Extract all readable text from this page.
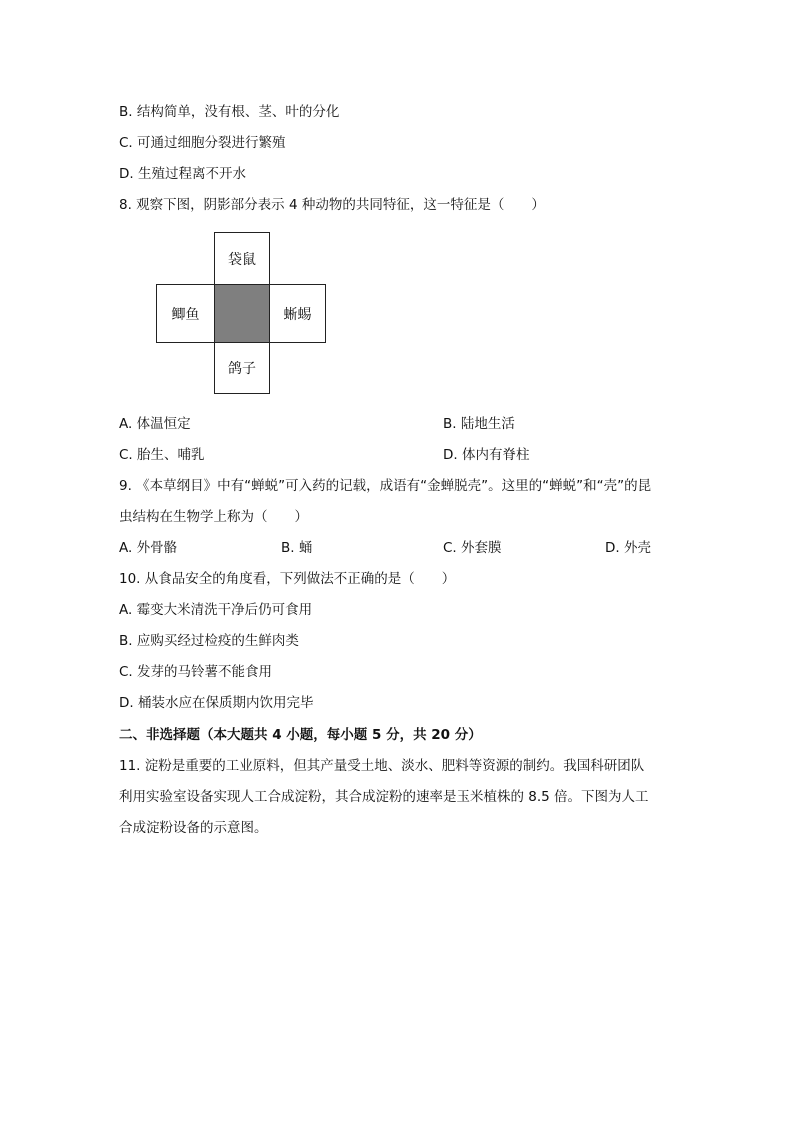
B. 结构简单，没有根、茎、叶的分化
C. 可通过细胞分裂进行繁殖
D. 生殖过程离不开水
8. 观察下图，阴影部分表示 4 种动物的共同特征，这一特征是（　　）
袋鼠
鲫鱼	蜥蜴
鸽子
A. 体温恒定	B. 陆地生活
C. 胎生、哺乳	D. 体内有脊柱
9. 《本草纲目》中有“蝉蜕”可入药的记载，成语有“金蝉脱壳”。这里的“蝉蜕”和“壳”的昆
虫结构在生物学上称为（　　）
A. 外骨骼	B. 蛹	C. 外套膜	D. 外壳
10. 从食品安全的角度看，下列做法不正确的是（　　）
A. 霉变大米清洗干净后仍可食用
B. 应购买经过检疫的生鲜肉类
C. 发芽的马铃薯不能食用
D. 桶装水应在保质期内饮用完毕
二、非选择题（本大题共 4 小题，每小题 5 分，共 20 分）
11. 淀粉是重要的工业原料，但其产量受土地、淡水、肥料等资源的制约。我国科研团队
利用实验室设备实现人工合成淀粉，其合成淀粉的速率是玉米植株的 8.5 倍。下图为人工
合成淀粉设备的示意图。
